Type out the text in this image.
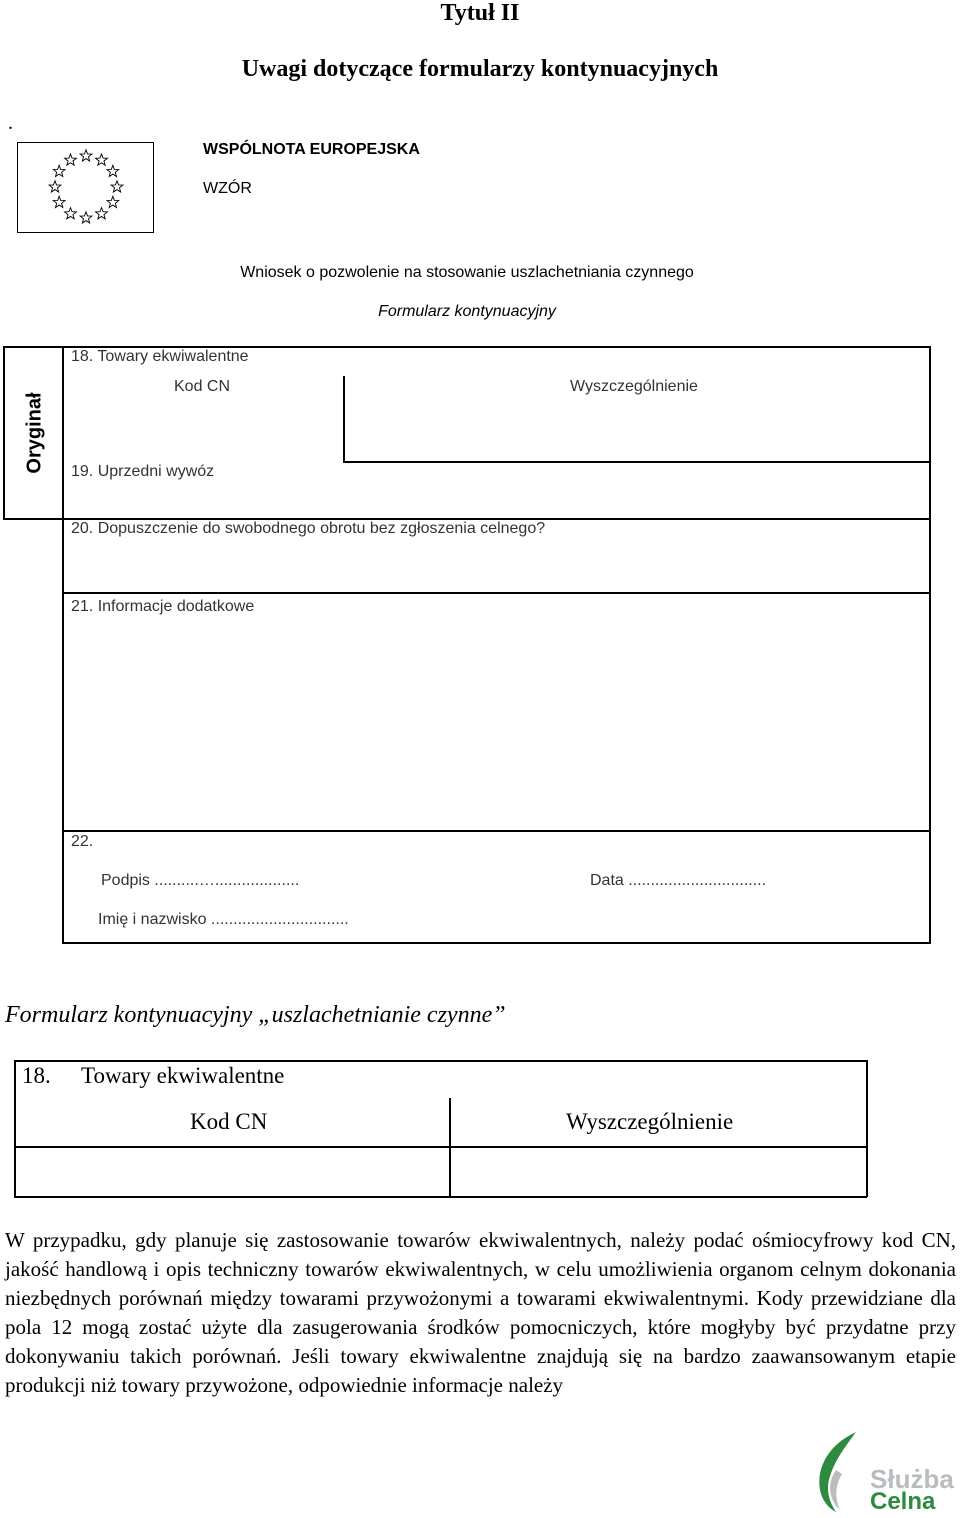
Tytuł II
Uwagi dotyczące formularzy kontynuacyjnych
.
WSPÓLNOTA EUROPEJSKA
WZÓR
Wniosek o pozwolenie na stosowanie uszlachetniania czynnego
Formularz kontynuacyjny
Oryginał
18. Towary ekwiwalentne
Kod CN	Wyszczególnienie
19. Uprzedni wywóz
20. Dopuszczenie do swobodnego obrotu bez zgłoszenia celnego?
21. Informacje dodatkowe
22.
Podpis ..........…...................	Data ...............................
Imię i nazwisko ...............................
Formularz kontynuacyjny „uszlachetnianie czynne”
18. Towary ekwiwalentne
Kod CN	Wyszczególnienie
W przypadku, gdy planuje się zastosowanie towarów ekwiwalentnych, należy podać ośmiocyfrowy kod CN, jakość handlową i opis techniczny towarów ekwiwalentnych, w celu umożliwienia organom celnym dokonania niezbędnych porównań między towarami przywożonymi a towarami ekwiwalentnymi. Kody przewidziane dla pola 12 mogą zostać użyte dla zasugerowania środków pomocniczych, które mogłyby być przydatne przy dokonywaniu takich porównań. Jeśli towary ekwiwalentne znajdują się na bardzo zaawansowanym etapie produkcji niż towary przywożone, odpowiednie informacje należy
Służba
Celna
